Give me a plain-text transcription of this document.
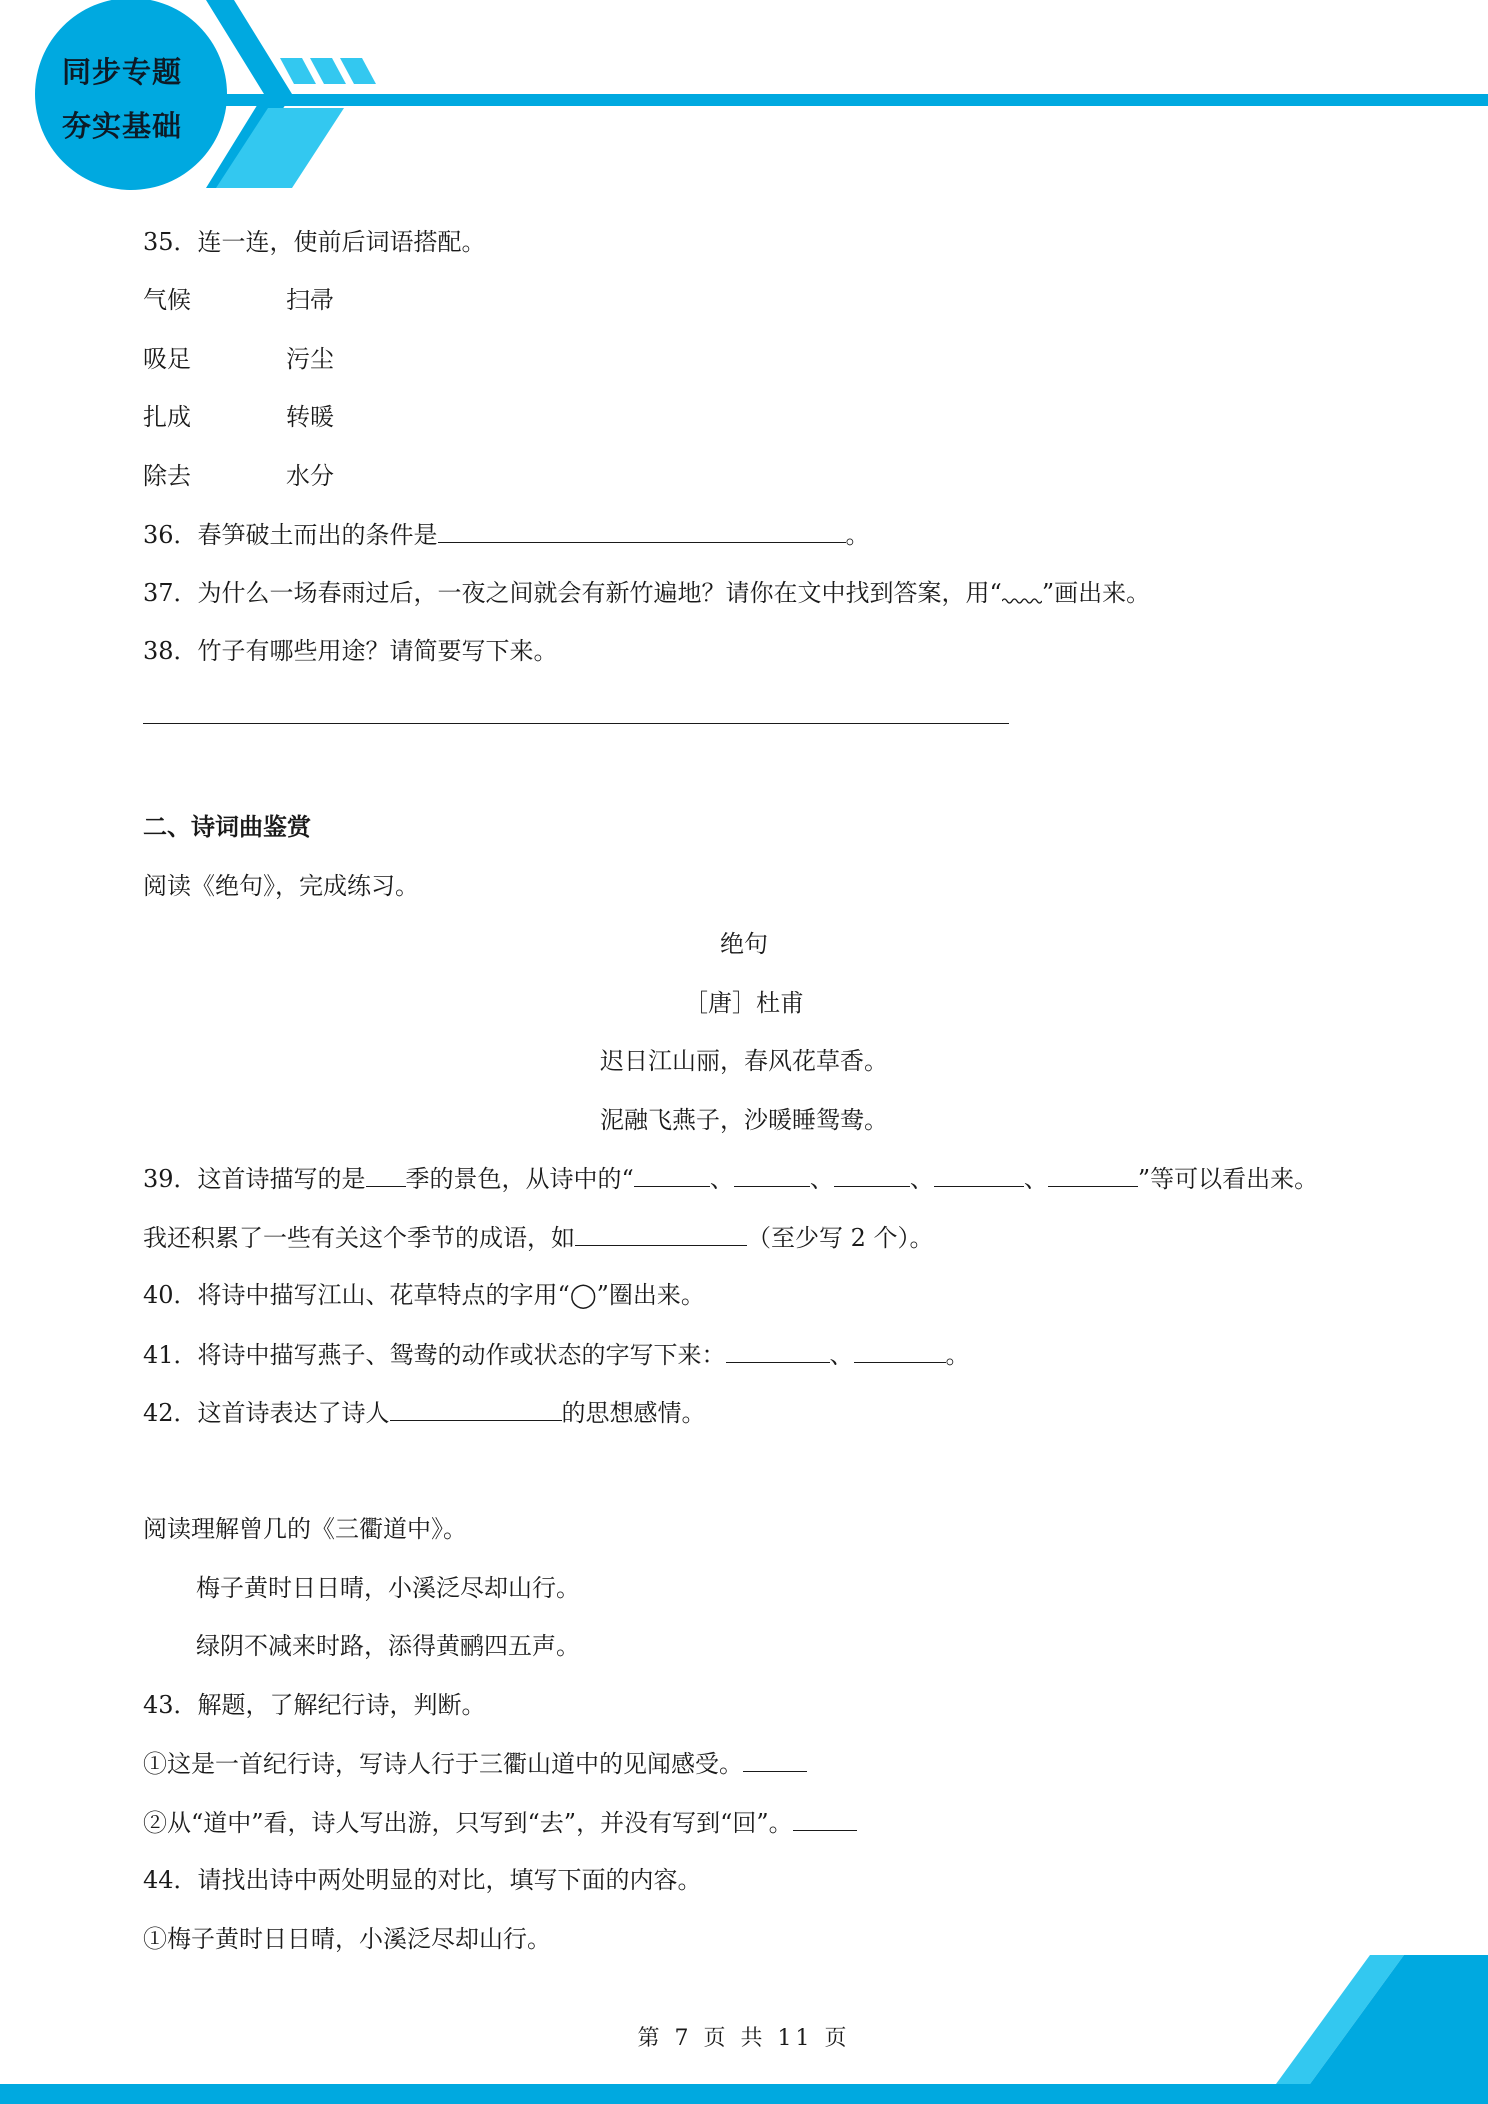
同步专题
夯实基础
35．连一连，使前后词语搭配。
气候	扫帚
吸足	污尘
扎成	转暖
除去	水分
36．春笋破土而出的条件是	。
37．为什么一场春雨过后，一夜之间就会有新竹遍地？请你在文中找到答案，用“ ”画出来。
38．竹子有哪些用途？请简要写下来。
二、诗词曲鉴赏
阅读《绝句》，完成练习。
绝句
［唐］杜甫
迟日江山丽，春风花草香。
泥融飞燕子，沙暖睡鸳鸯。
39．这首诗描写的是 季的景色，从诗中的“	、	、	、	、	”等可以看出来。
我还积累了一些有关这个季节的成语，如	（至少写 2 个）。
40．将诗中描写江山、花草特点的字用“◯”圈出来。
41．将诗中描写燕子、鸳鸯的动作或状态的字写下来：	、	。
42．这首诗表达了诗人	的思想感情。
阅读理解曾几的《三衢道中》。
梅子黄时日日晴，小溪泛尽却山行。
绿阴不减来时路，添得黄鹂四五声。
43．解题，了解纪行诗，判断。
①这是一首纪行诗，写诗人行于三衢山道中的见闻感受。
②从“道中”看，诗人写出游，只写到“去”，并没有写到“回”。
44．请找出诗中两处明显的对比，填写下面的内容。
①梅子黄时日日晴，小溪泛尽却山行。
第 7 页 共 11 页
